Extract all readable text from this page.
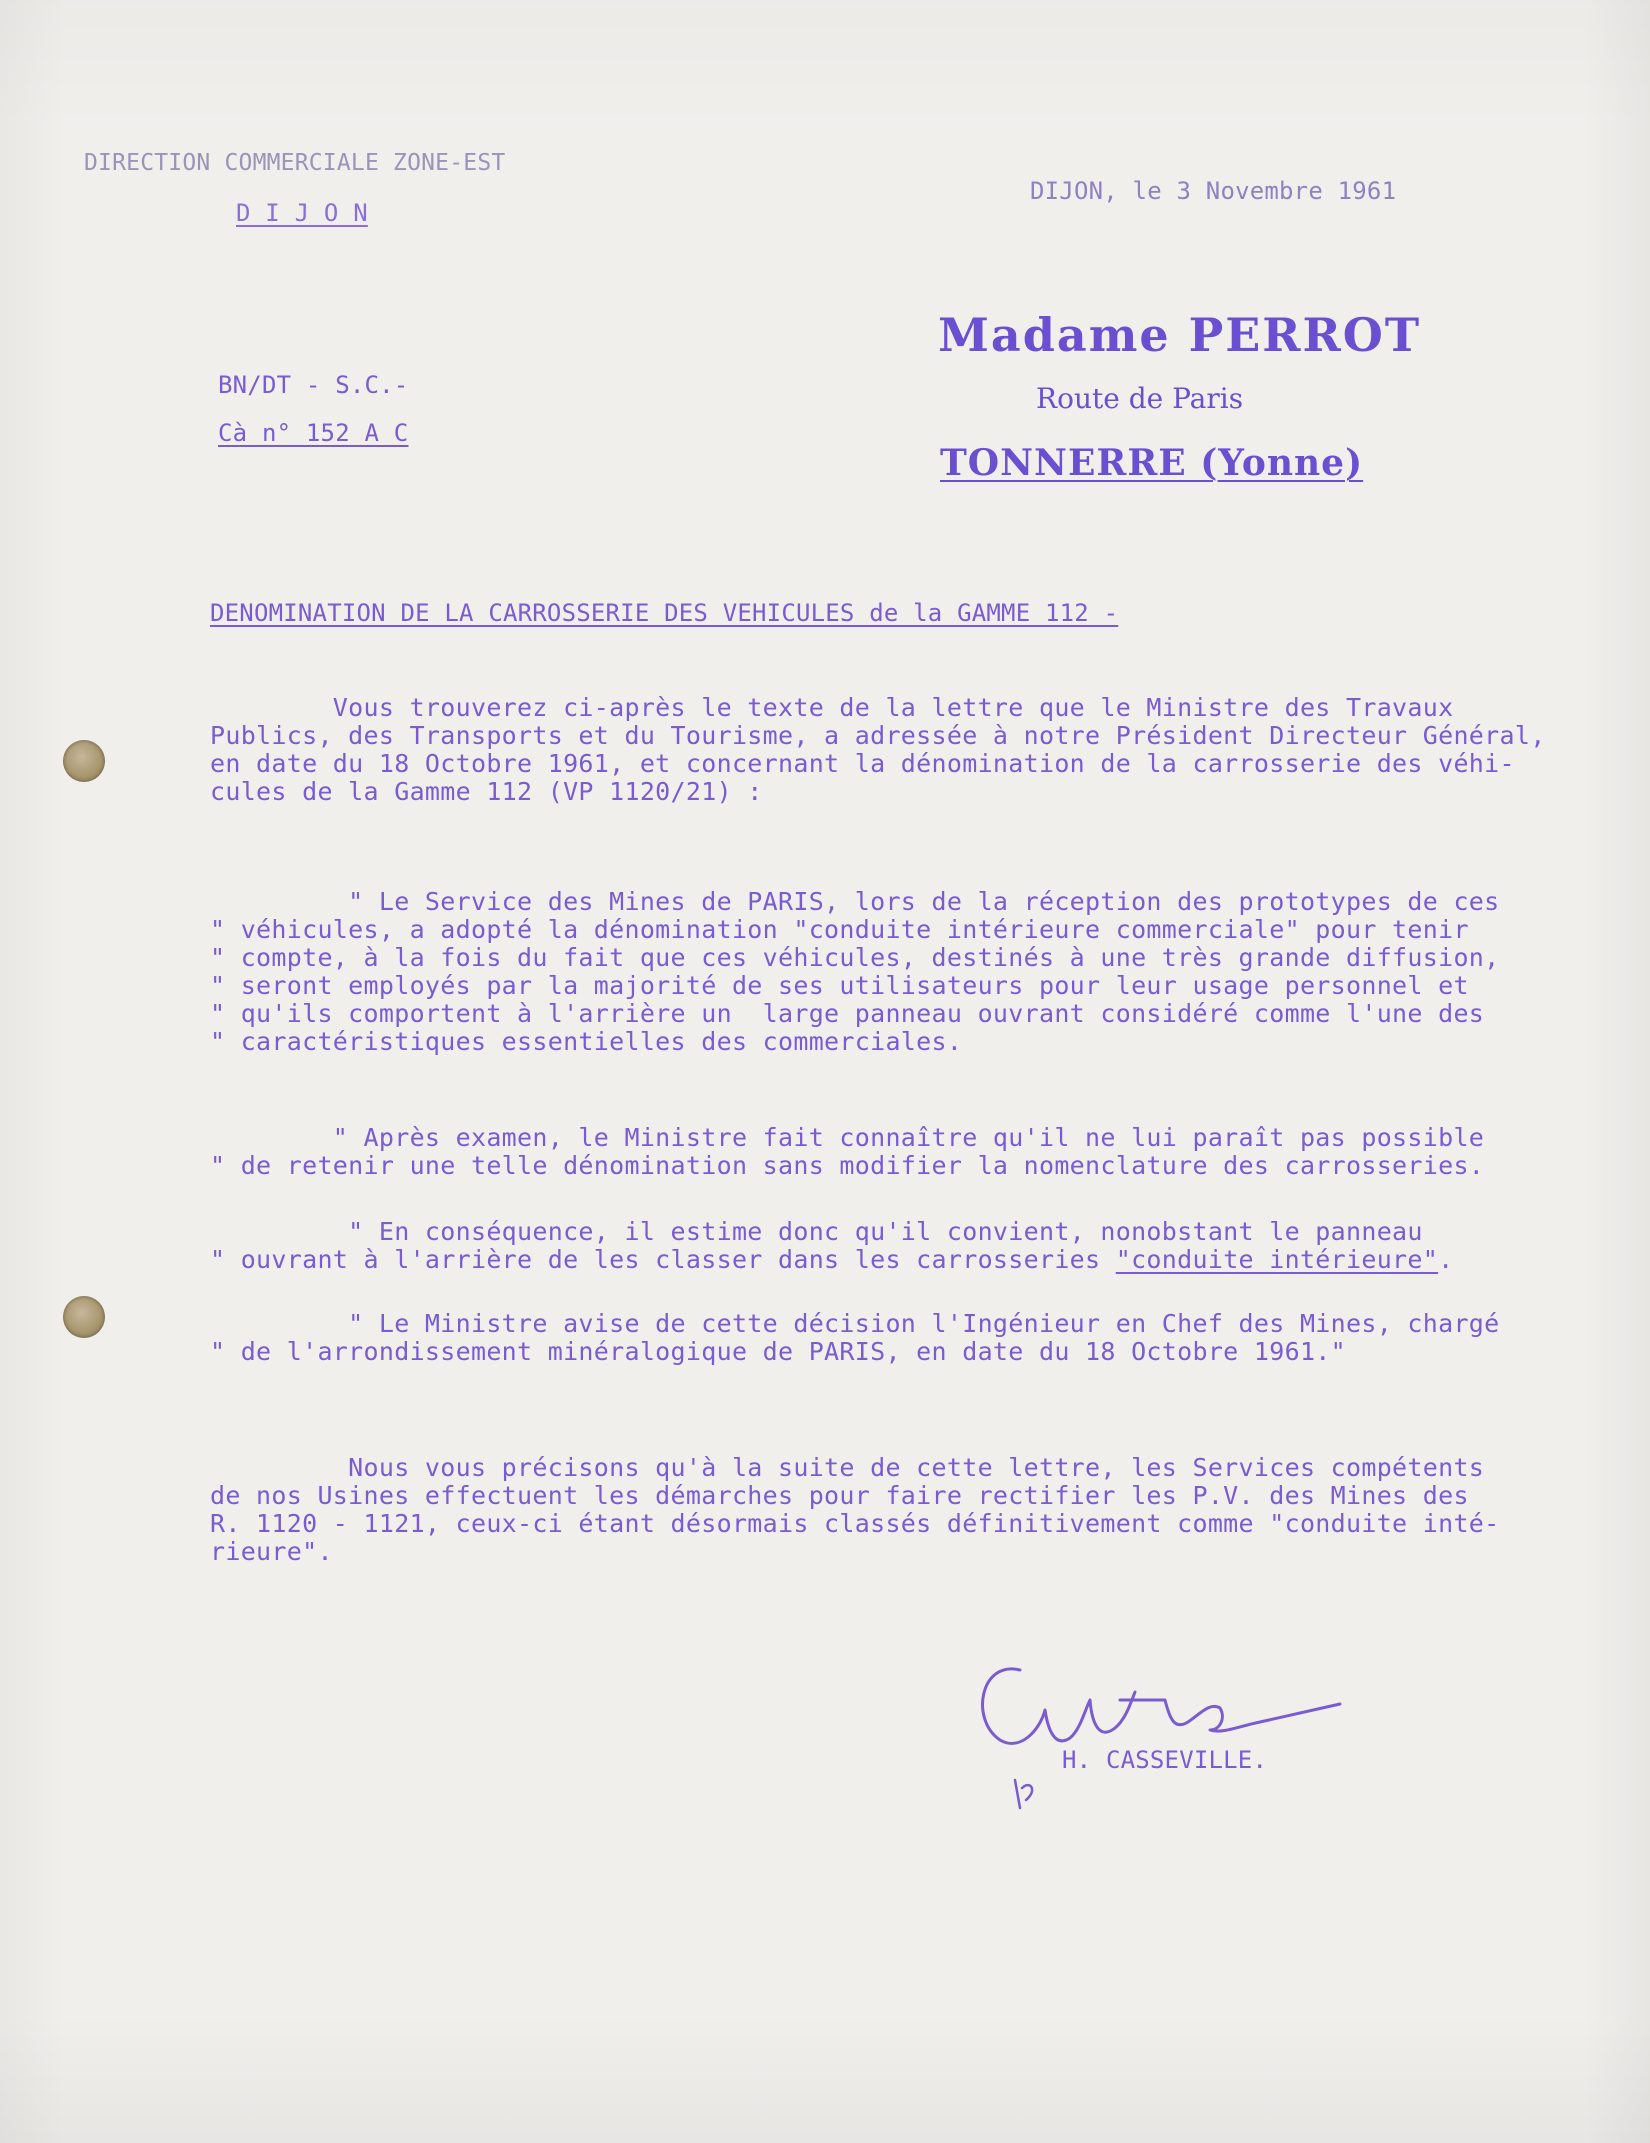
DIRECTION COMMERCIALE ZONE-EST
D I J O N
DIJON, le 3 Novembre 1961
BN/DT - S.C.-
Cà n° 152 A C
Madame PERROT
Route de Paris
TONNERRE (Yonne)
DENOMINATION DE LA CARROSSERIE DES VEHICULES de la GAMME 112 -
Vous trouverez ci-après le texte de la lettre que le Ministre des Travaux
Publics, des Transports et du Tourisme, a adressée à notre Président Directeur Général,
en date du 18 Octobre 1961, et concernant la dénomination de la carrosserie des véhi-
cules de la Gamme 112 (VP 1120/21) :
" Le Service des Mines de PARIS, lors de la réception des prototypes de ces
" véhicules, a adopté la dénomination "conduite intérieure commerciale" pour tenir
" compte, à la fois du fait que ces véhicules, destinés à une très grande diffusion,
" seront employés par la majorité de ses utilisateurs pour leur usage personnel et
" qu'ils comportent à l'arrière un  large panneau ouvrant considéré comme l'une des
" caractéristiques essentielles des commerciales.
" Après examen, le Ministre fait connaître qu'il ne lui paraît pas possible
" de retenir une telle dénomination sans modifier la nomenclature des carrosseries.
" En conséquence, il estime donc qu'il convient, nonobstant le panneau
" ouvrant à l'arrière de les classer dans les carrosseries "conduite intérieure".
" Le Ministre avise de cette décision l'Ingénieur en Chef des Mines, chargé
" de l'arrondissement minéralogique de PARIS, en date du 18 Octobre 1961."
Nous vous précisons qu'à la suite de cette lettre, les Services compétents
de nos Usines effectuent les démarches pour faire rectifier les P.V. des Mines des
R. 1120 - 1121, ceux-ci étant désormais classés définitivement comme "conduite inté-
rieure".
H. CASSEVILLE.
